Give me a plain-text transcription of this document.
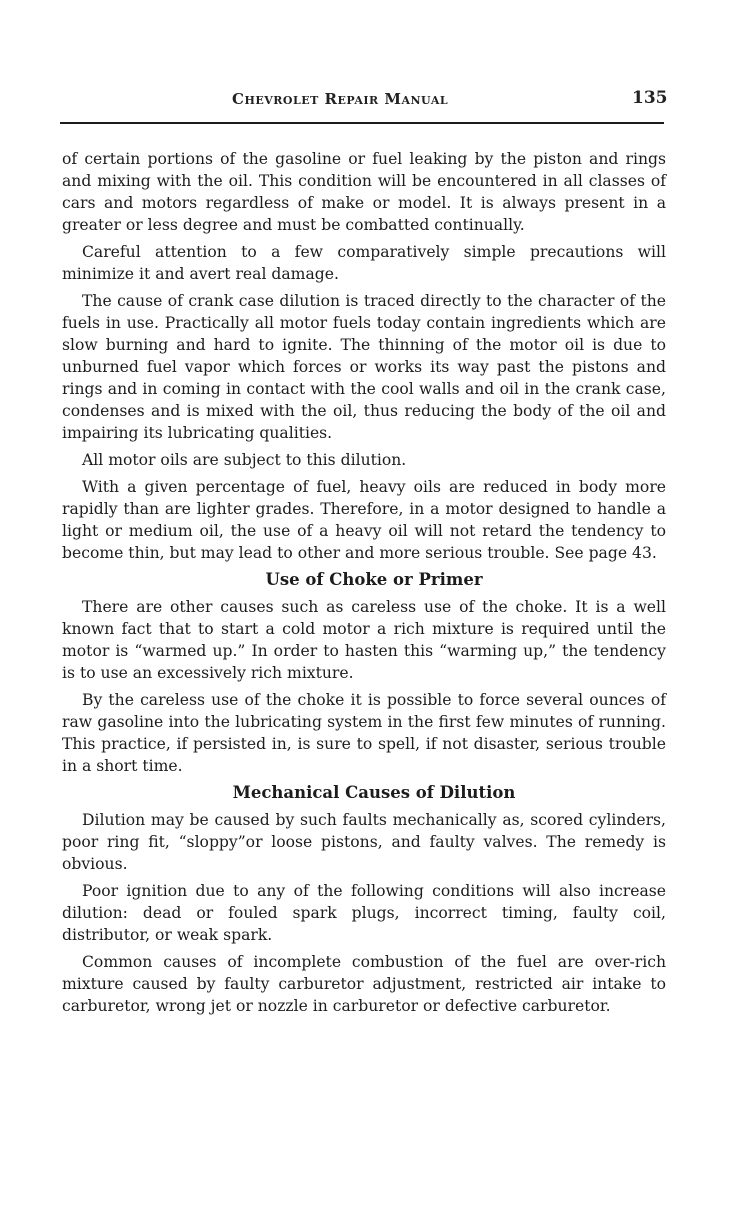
Chevrolet Repair Manual	135

of certain portions of the gasoline or fuel leaking by the piston and rings and mixing with the oil. This condition will be encountered in all classes of cars and motors regardless of make or model. It is always present in a greater or less degree and must be combatted continually.

Careful attention to a few comparatively simple precautions will minimize it and avert real damage.

The cause of crank case dilution is traced directly to the character of the fuels in use. Practically all motor fuels today contain ingredients which are slow burning and hard to ignite. The thinning of the motor oil is due to unburned fuel vapor which forces or works its way past the pistons and rings and in coming in contact with the cool walls and oil in the crank case, condenses and is mixed with the oil, thus reducing the body of the oil and impairing its lubricating qualities.

All motor oils are subject to this dilution.

With a given percentage of fuel, heavy oils are reduced in body more rapidly than are lighter grades. Therefore, in a motor designed to handle a light or medium oil, the use of a heavy oil will not retard the tendency to become thin, but may lead to other and more serious trouble. See page 43.

Use of Choke or Primer

There are other causes such as careless use of the choke. It is a well known fact that to start a cold motor a rich mixture is required until the motor is “warmed up.” In order to hasten this “warming up,” the tendency is to use an excessively rich mixture.

By the careless use of the choke it is possible to force several ounces of raw gasoline into the lubricating system in the first few minutes of running. This practice, if persisted in, is sure to spell, if not disaster, serious trouble in a short time.

Mechanical Causes of Dilution

Dilution may be caused by such faults mechanically as, scored cylinders, poor ring fit, “sloppy”or loose pistons, and faulty valves. The remedy is obvious.

Poor ignition due to any of the following conditions will also increase dilution: dead or fouled spark plugs, incorrect timing, faulty coil, distributor, or weak spark.

Common causes of incomplete combustion of the fuel are over-rich mixture caused by faulty carburetor adjustment, restricted air intake to carburetor, wrong jet or nozzle in carburetor or defective carburetor.
